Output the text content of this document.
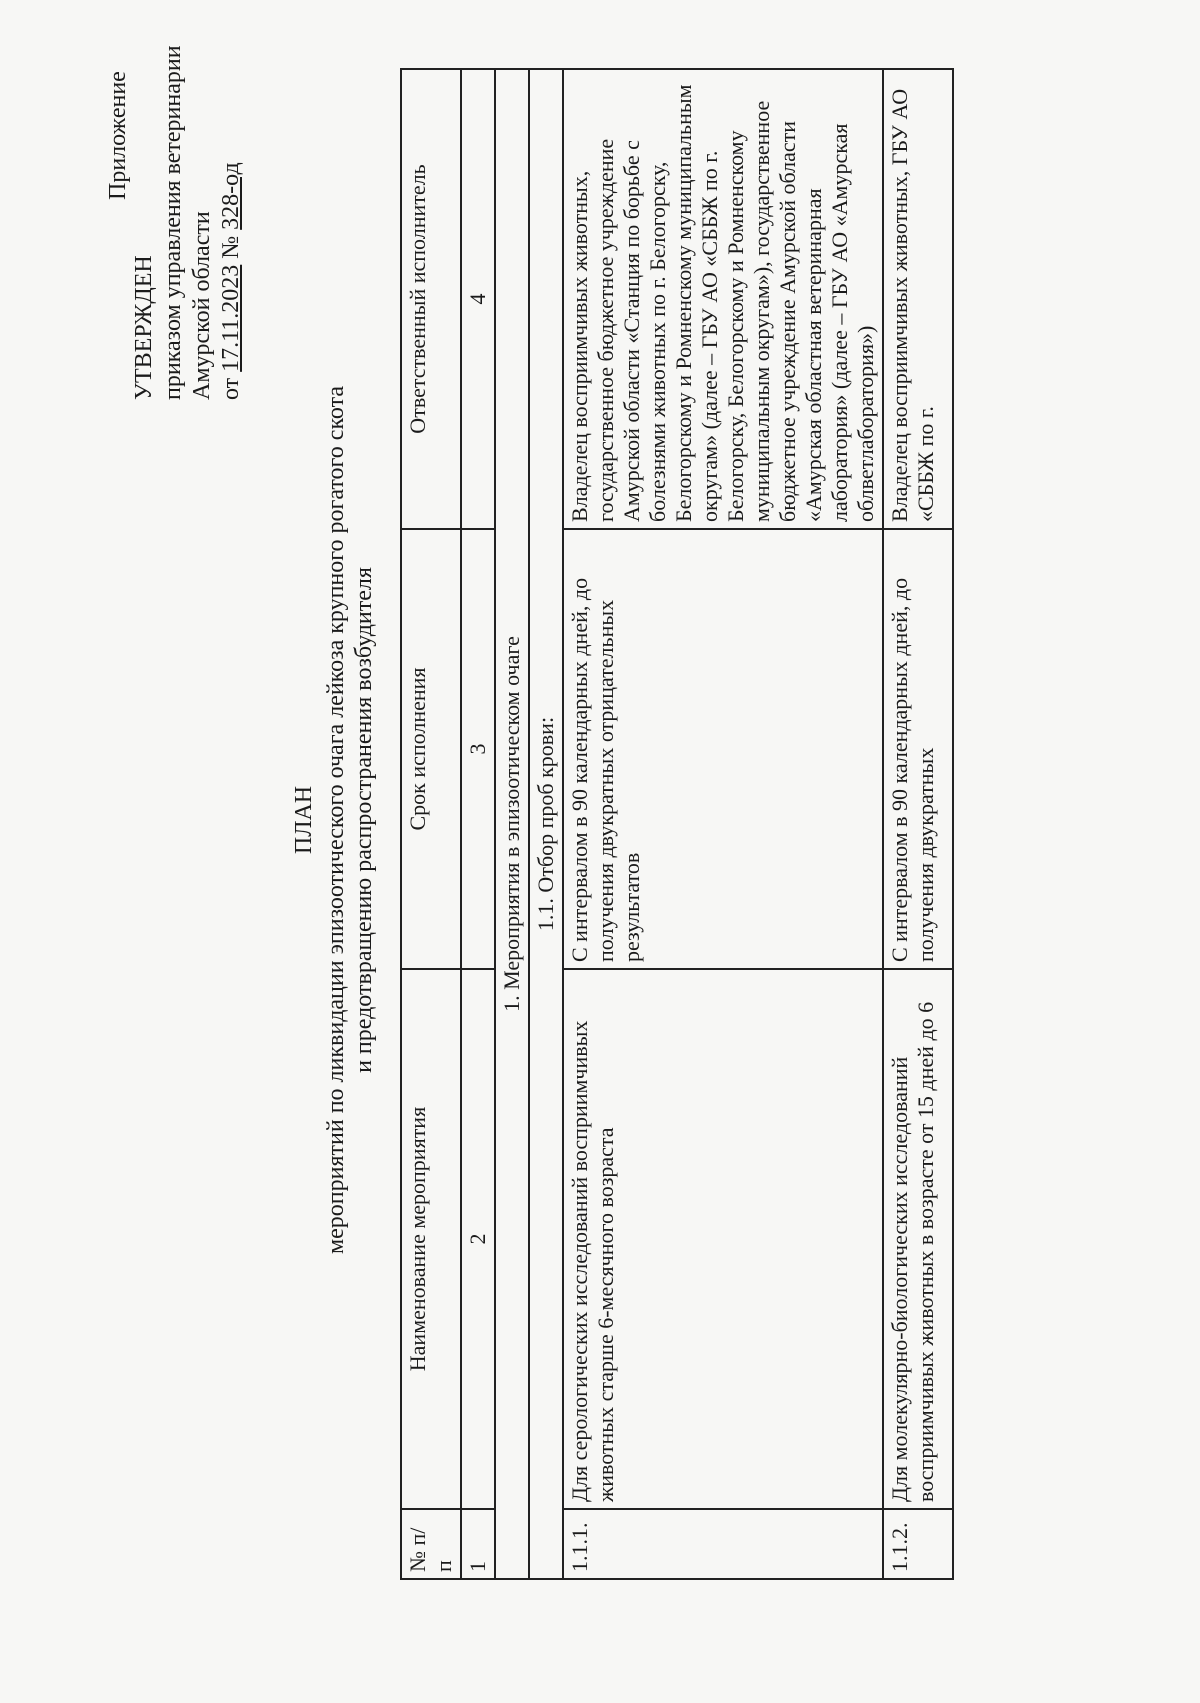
Приложение
УТВЕРЖДЕН приказом управления ветеринарии Амурской области от 17.11.2023 № 328-од
ПЛАН мероприятий по ликвидации эпизоотического очага лейкоза крупного рогатого скота и предотвращению распространения возбудителя
№ п/п	Наименование мероприятия	Срок исполнения	Ответственный исполнитель
1	2	3	4
1. Мероприятия в эпизоотическом очаге			
1.1. Отбор проб крови:			
1.1.1.	Для серологических исследований восприимчивых животных старше 6-месячного возраста	С интервалом в 90 календарных дней, до получения двукратных отрицательных результатов	Владелец восприимчивых животных, государственное бюджетное учреждение Амурской области «Станция по борьбе с болезнями животных по г. Белогорску, Белогорскому и Ромненскому муниципальным округам» (далее – ГБУ АО «СББЖ по г. Белогорску, Белогорскому и Ромненскому муниципальным округам»), государственное бюджетное учреждение Амурской области «Амурская областная ветеринарная лаборатория» (далее – ГБУ АО «Амурская облветлаборатория»)
1.1.2.	Для молекулярно-биологических исследований восприимчивых животных в возрасте от 15 дней до 6	С интервалом в 90 календарных дней, до получения двукратных	Владелец восприимчивых животных, ГБУ АО «СББЖ по г.
